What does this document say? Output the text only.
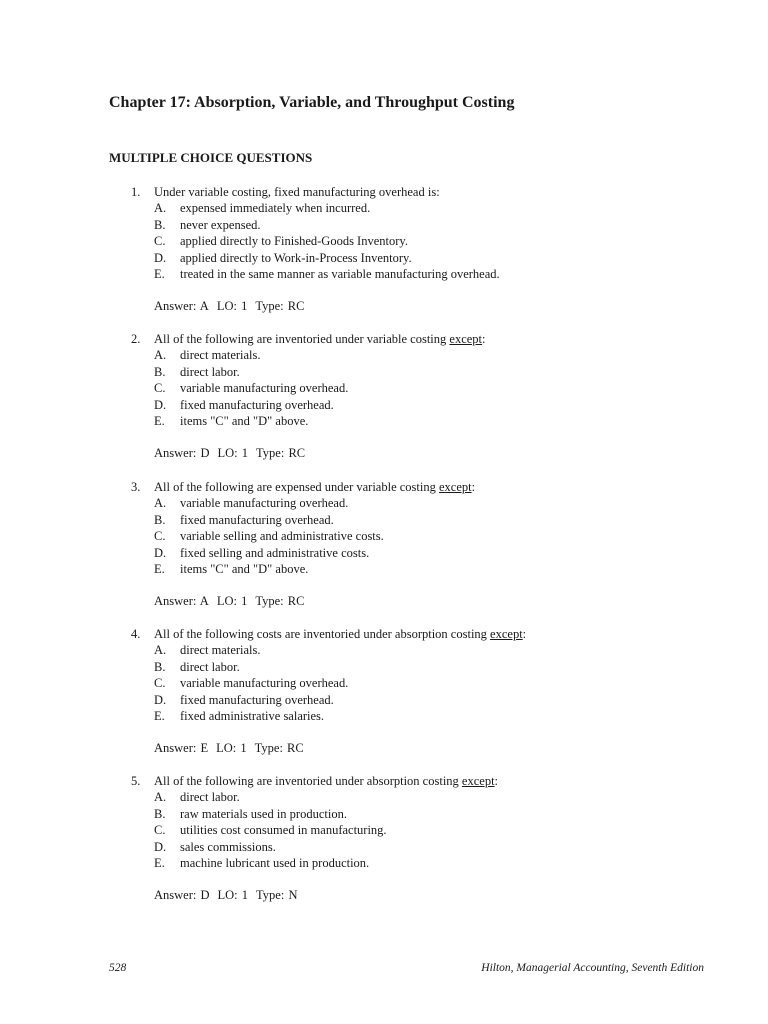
Chapter 17: Absorption, Variable, and Throughput Costing
MULTIPLE CHOICE QUESTIONS
1. Under variable costing, fixed manufacturing overhead is:
A. expensed immediately when incurred.
B. never expensed.
C. applied directly to Finished-Goods Inventory.
D. applied directly to Work-in-Process Inventory.
E. treated in the same manner as variable manufacturing overhead.
Answer: A LO: 1 Type: RC
2. All of the following are inventoried under variable costing except:
A. direct materials.
B. direct labor.
C. variable manufacturing overhead.
D. fixed manufacturing overhead.
E. items "C" and "D" above.
Answer: D LO: 1 Type: RC
3. All of the following are expensed under variable costing except:
A. variable manufacturing overhead.
B. fixed manufacturing overhead.
C. variable selling and administrative costs.
D. fixed selling and administrative costs.
E. items "C" and "D" above.
Answer: A LO: 1 Type: RC
4. All of the following costs are inventoried under absorption costing except:
A. direct materials.
B. direct labor.
C. variable manufacturing overhead.
D. fixed manufacturing overhead.
E. fixed administrative salaries.
Answer: E LO: 1 Type: RC
5. All of the following are inventoried under absorption costing except:
A. direct labor.
B. raw materials used in production.
C. utilities cost consumed in manufacturing.
D. sales commissions.
E. machine lubricant used in production.
Answer: D LO: 1 Type: N
528	Hilton, Managerial Accounting, Seventh Edition
